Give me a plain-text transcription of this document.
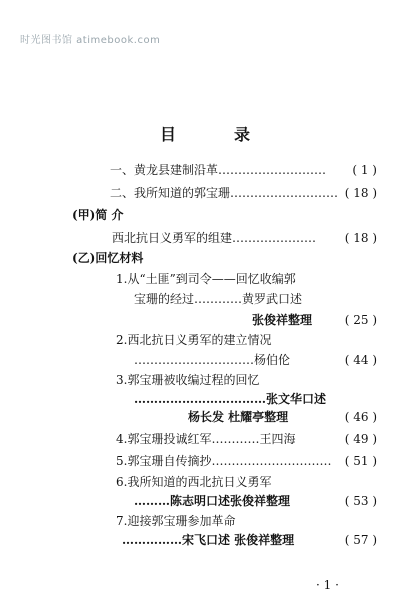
时光图书馆 atimebook.com
目	录
一、黄龙县建制沿革……………………… ( 1 )
二、我所知道的郭宝珊……………………… ( 18 )
(甲)简 介
西北抗日义勇军的组建………………… ( 18 )
(乙)回忆材料
1.从“土匪”到司令——回忆收编郭
宝珊的经过…………黄罗武口述
张俊祥整理	( 25 )
2.西北抗日义勇军的建立情况
…………………………杨伯伦	( 44 )
3.郭宝珊被收编过程的回忆
……………………………张文华口述
杨长发 杜耀亭整理	( 46 )
4.郭宝珊投诚红军…………王四海	( 49 )
5.郭宝珊自传摘抄………………………… ( 51 )
6.我所知道的西北抗日义勇军
………陈志明口述张俊祥整理	( 53 )
7.迎接郭宝珊参加革命
……………宋飞口述 张俊祥整理	( 57 )
· 1 ·
